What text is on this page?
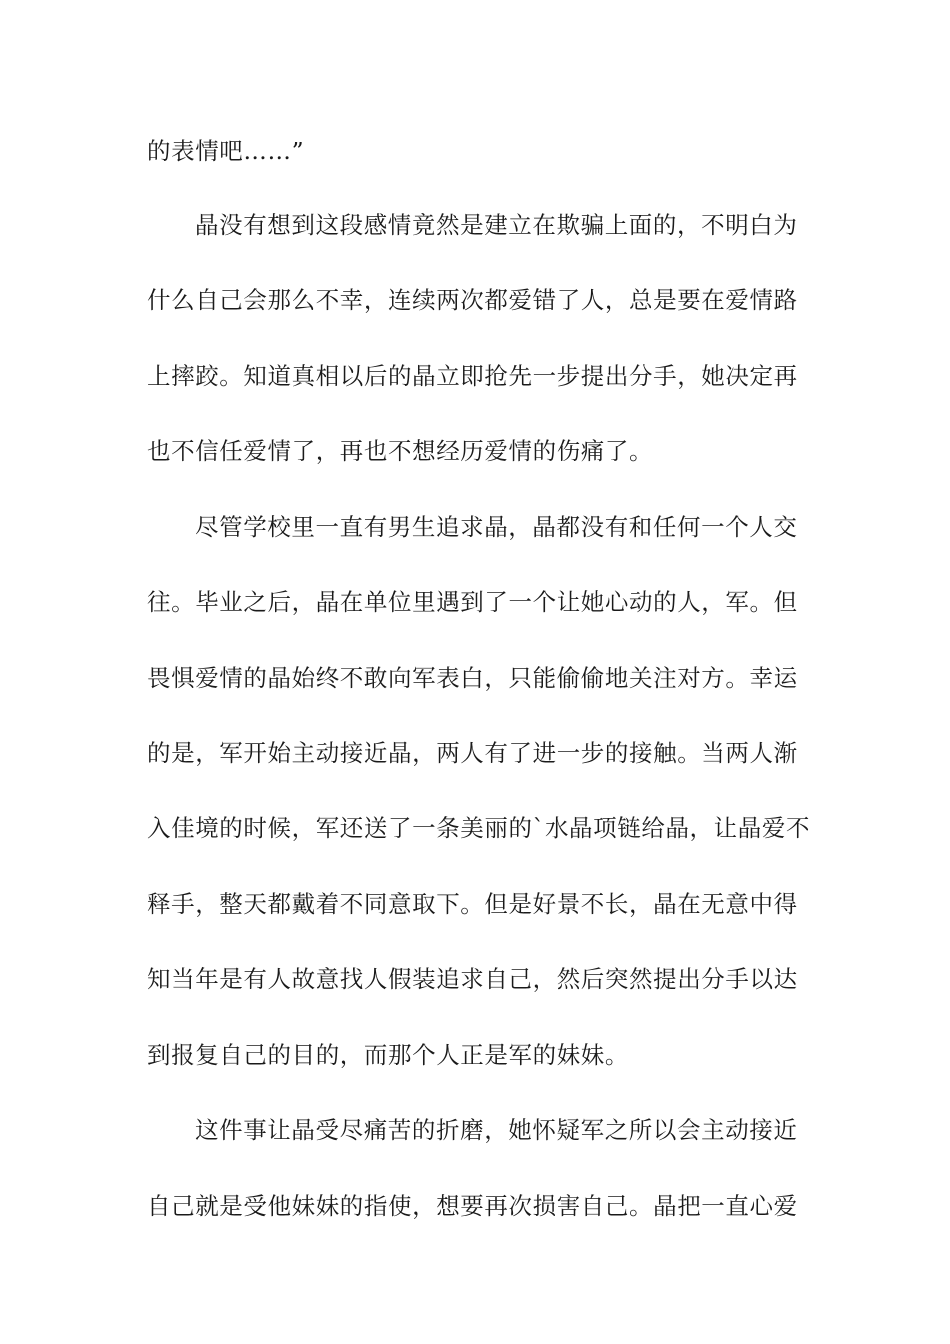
的表情吧……”
晶没有想到这段感情竟然是建立在欺骗上面的，不明白为
什么自己会那么不幸，连续两次都爱错了人，总是要在爱情路
上摔跤。知道真相以后的晶立即抢先一步提出分手，她决定再
也不信任爱情了，再也不想经历爱情的伤痛了。
尽管学校里一直有男生追求晶，晶都没有和任何一个人交
往。毕业之后，晶在单位里遇到了一个让她心动的人，军。但
畏惧爱情的晶始终不敢向军表白，只能偷偷地关注对方。幸运
的是，军开始主动接近晶，两人有了进一步的接触。当两人渐
入佳境的时候，军还送了一条美丽的`水晶项链给晶，让晶爱不
释手，整天都戴着不同意取下。但是好景不长，晶在无意中得
知当年是有人故意找人假装追求自己，然后突然提出分手以达
到报复自己的目的，而那个人正是军的妹妹。
这件事让晶受尽痛苦的折磨，她怀疑军之所以会主动接近
自己就是受他妹妹的指使，想要再次损害自己。晶把一直心爱
